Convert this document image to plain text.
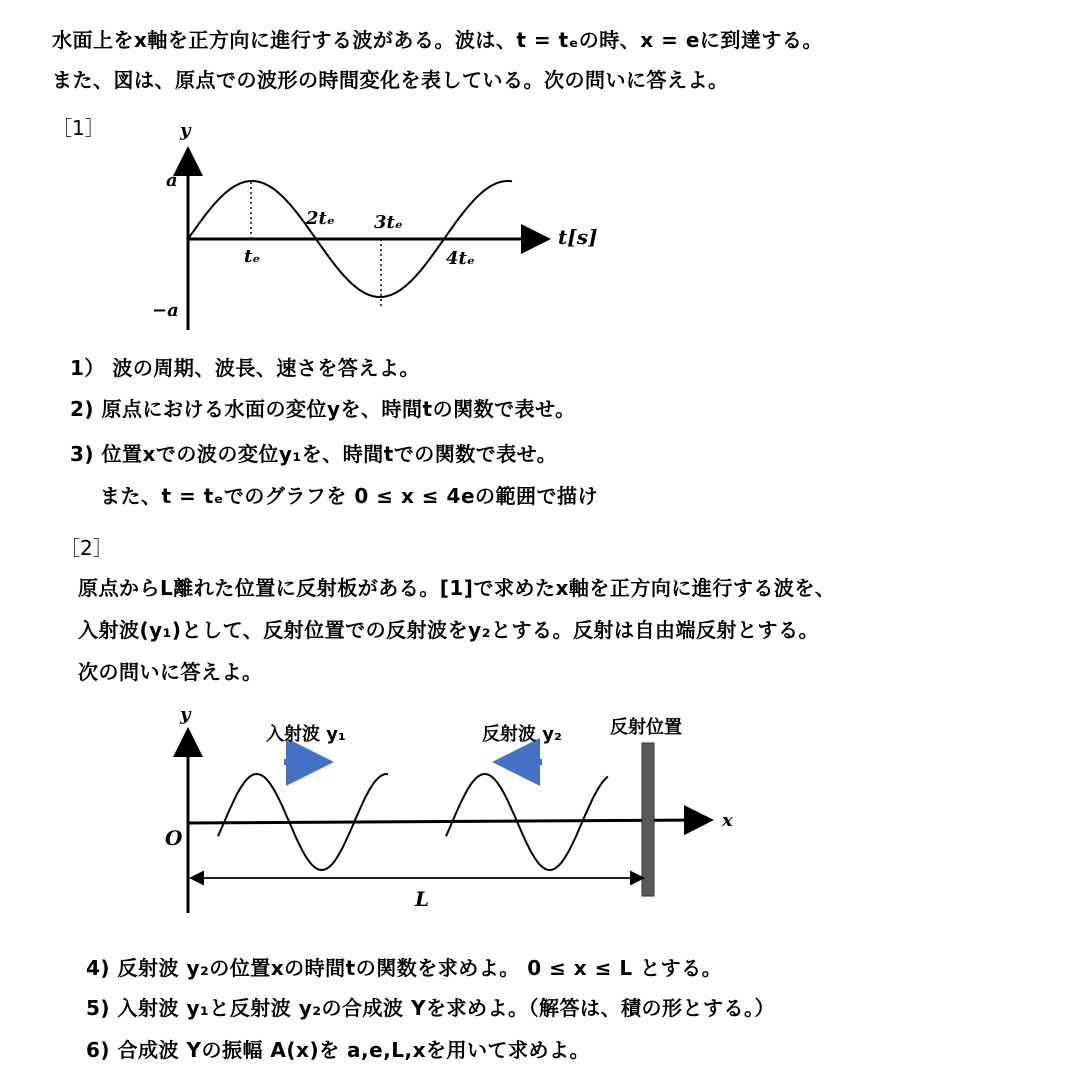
水面上をx軸を正方向に進行する波がある。波は、t = tₑの時、x = eに到達する。
また、図は、原点での波形の時間変化を表している。次の問いに答えよ。
［1］	y
a
−a
tₑ
2tₑ 3tₑ
4tₑ
t[s]
1） 波の周期、波長、速さを答えよ。
2) 原点における水面の変位yを、時間tの関数で表せ。
3) 位置xでの波の変位y₁を、時間tでの関数で表せ。
また、t = tₑでのグラフを 0 ≤ x ≤ 4eの範囲で描け
［2］
原点からL離れた位置に反射板がある。[1]で求めたx軸を正方向に進行する波を、
入射波(y₁)として、反射位置での反射波をy₂とする。反射は自由端反射とする。
次の問いに答えよ。
y
O
x
L
入射波 y₁	反射波 y₂	反射位置
4) 反射波 y₂の位置xの時間tの関数を求めよ。 0 ≤ x ≤ L とする。
5) 入射波 y₁と反射波 y₂の合成波 Yを求めよ。（解答は、積の形とする。）
6) 合成波 Yの振幅 A(x)を a,e,L,xを用いて求めよ。
